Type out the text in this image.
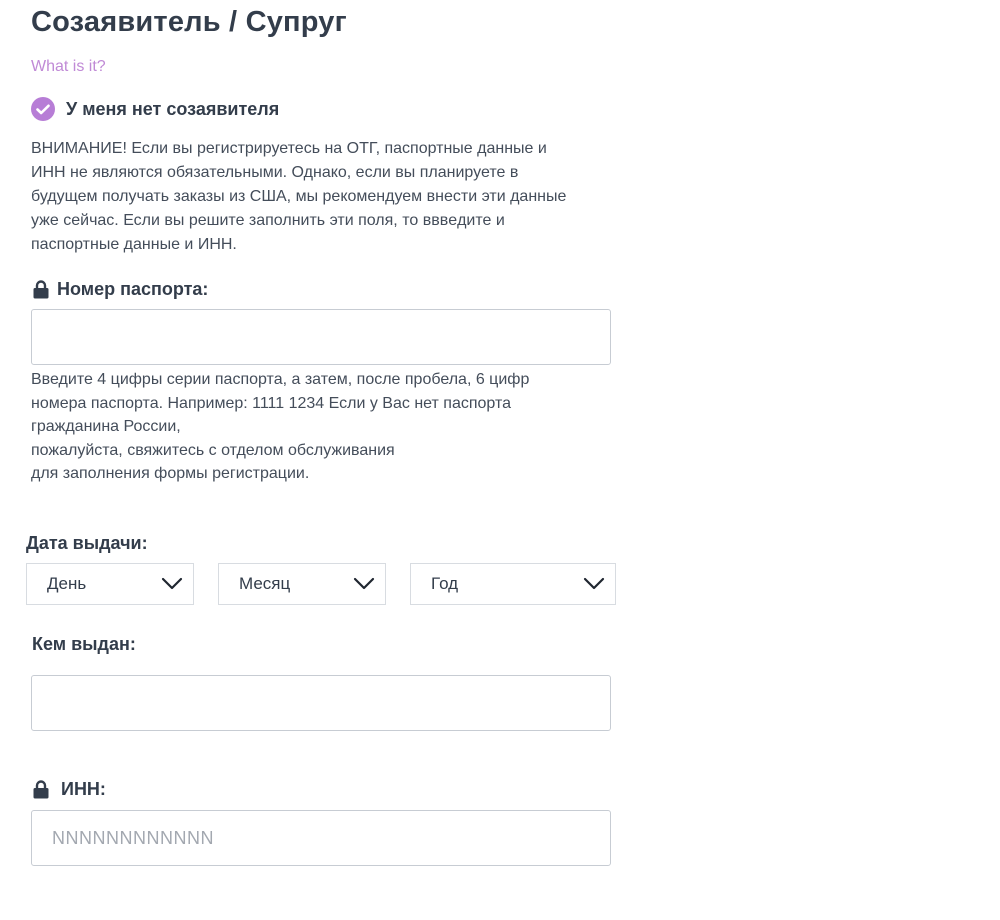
Созаявитель / Супруг
What is it?
У меня нет созаявителя
ВНИМАНИЕ! Если вы регистрируетесь на ОТГ, паспортные данные и
ИНН не являются обязательными. Однако, если вы планируете в
будущем получать заказы из США, мы рекомендуем внести эти данные
уже сейчас. Если вы решите заполнить эти поля, то вввeдите и
паспортные данные и ИНН.
Номер паспорта:
Введите 4 цифры серии паспорта, а затем, после пробела, 6 цифр
номера паспорта. Например: 1111 1234 Если у Вас нет паспорта
гражданина России,
пожалуйста, свяжитесь с отделом обслуживания
для заполнения формы регистрации.
Дата выдачи:
День	Месяц	Год
Кем выдан:
ИНН:
NNNNNNNNNNNN
